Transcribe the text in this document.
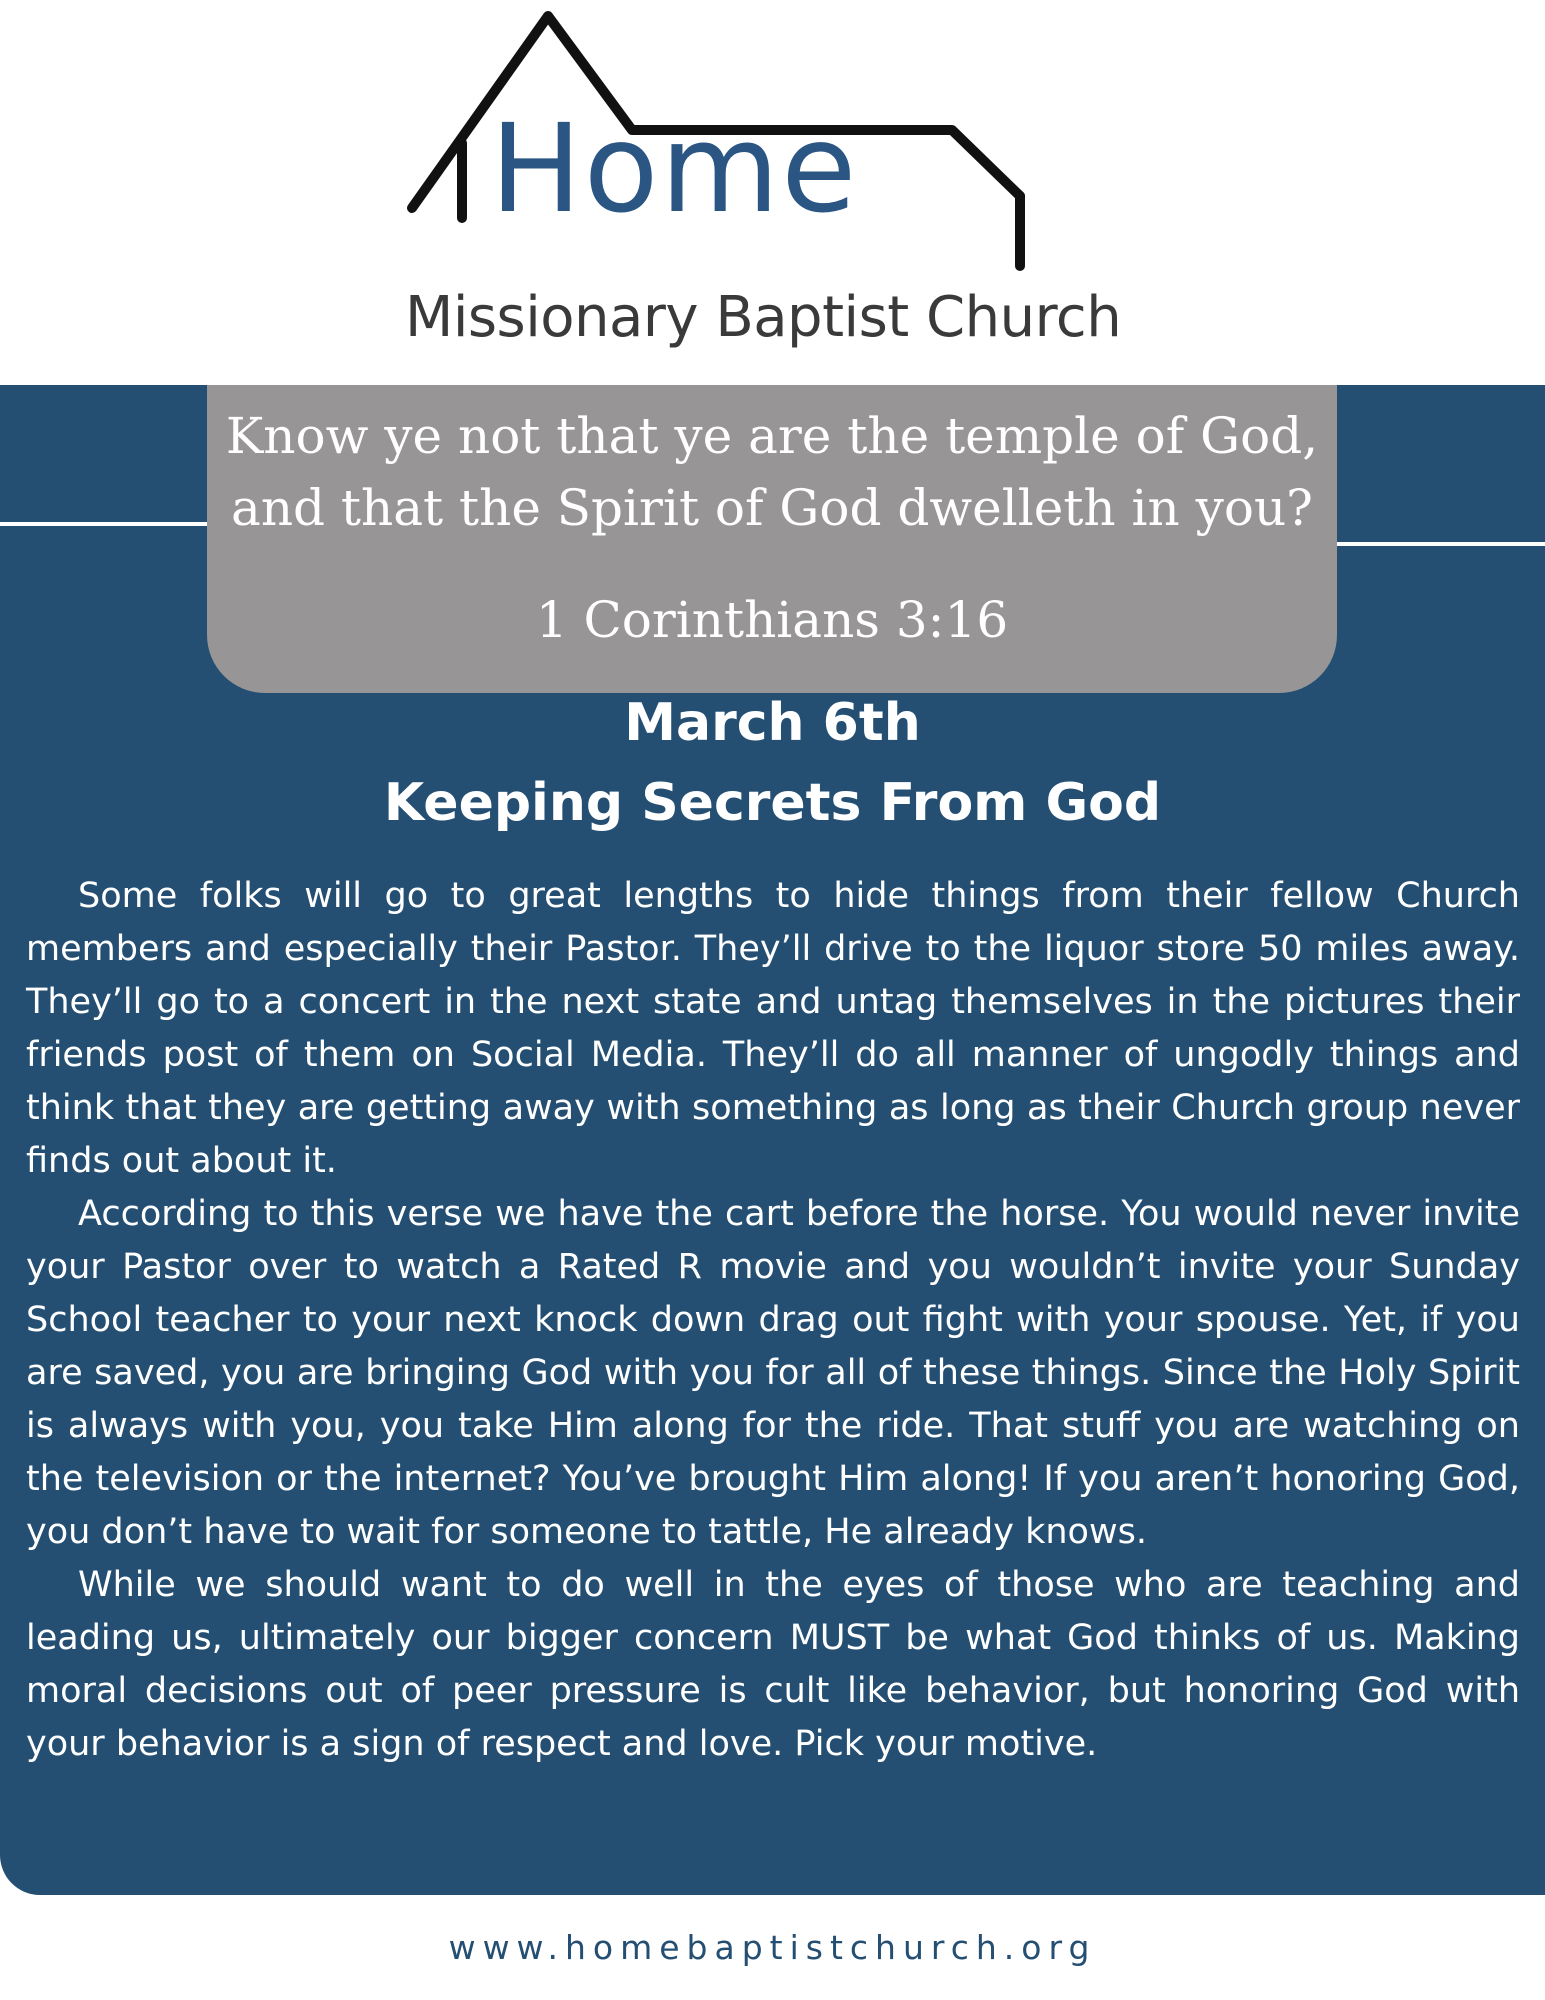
Home
Missionary Baptist Church
Know ye not that ye are the temple of God,
and that the Spirit of God dwelleth in you?
1 Corinthians 3:16
March 6th
Keeping Secrets From God

Some folks will go to great lengths to hide things from their fellow Church members and especially their Pastor. They’ll drive to the liquor store 50 miles away. They’ll go to a concert in the next state and untag themselves in the pictures their friends post of them on Social Media. They’ll do all manner of ungodly things and think that they are getting away with something as long as their Church group never finds out about it.

According to this verse we have the cart before the horse. You would never invite your Pastor over to watch a Rated R movie and you wouldn’t invite your Sunday School teacher to your next knock down drag out fight with your spouse. Yet, if you are saved, you are bringing God with you for all of these things. Since the Holy Spirit is always with you, you take Him along for the ride. That stuff you are watching on the television or the internet? You’ve brought Him along! If you aren’t honoring God, you don’t have to wait for someone to tattle, He already knows.

While we should want to do well in the eyes of those who are teaching and leading us, ultimately our bigger concern MUST be what God thinks of us. Making moral decisions out of peer pressure is cult like behavior, but honoring God with your behavior is a sign of respect and love. Pick your motive.

www.homebaptistchurch.org
